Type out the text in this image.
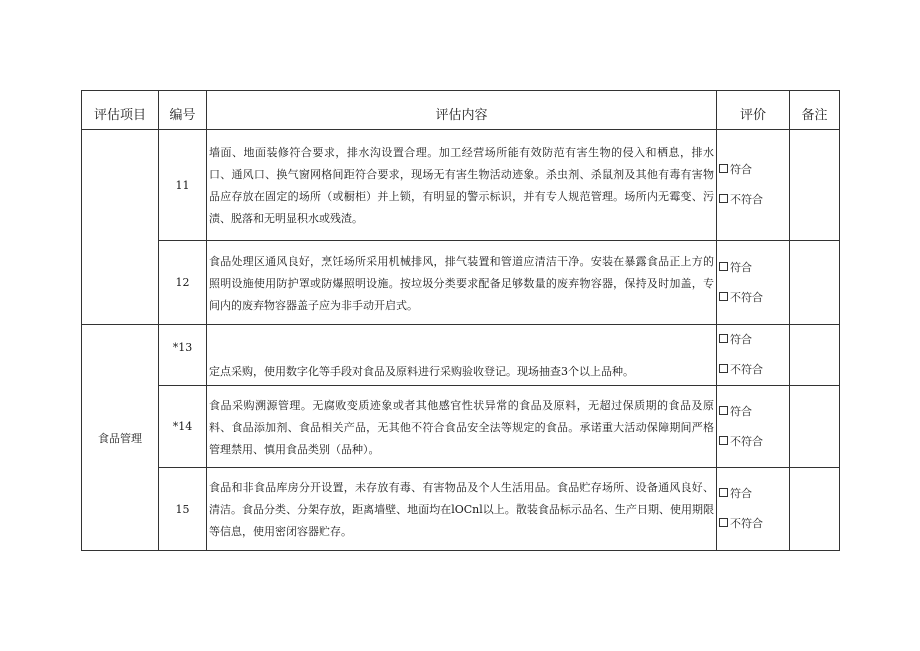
评估项目	编号	评估内容	评价	备注
	11	墙面、地面装修符合要求，排水沟设置合理。加工经营场所能有效防范有害生物的侵入和栖息，排水口、通风口、换气窗网格间距符合要求，现场无有害生物活动迹象。杀虫剂、杀鼠剂及其他有毒有害物品应存放在固定的场所（或橱柜）并上锁，有明显的警示标识，并有专人规范管理。场所内无霉变、污渍、脱落和无明显积水或残渣。	符合
不符合	

	12	食品处理区通风良好，烹饪场所采用机械排风，排气装置和管道应清洁干净。安装在暴露食品正上方的照明设施使用防护罩或防爆照明设施。按垃圾分类要求配备足够数量的废弃物容器，保持及时加盖，专间内的废弃物容器盖子应为非手动开启式。	符合
不符合	

食品管理	*13	定点采购，使用数字化等手段对食品及原料进行采购验收登记。现场抽查3个以上品种。	符合
不符合	

	*14	食品采购溯源管理。无腐败变质迹象或者其他感官性状异常的食品及原料，无超过保质期的食品及原料、食品添加剂、食品相关产品，无其他不符合食品安全法等规定的食品。承诺重大活动保障期间严格管理禁用、慎用食品类别（品种）。	符合
不符合	

	15	食品和非食品库房分开设置，未存放有毒、有害物品及个人生活用品。食品贮存场所、设备通风良好、清洁。食品分类、分架存放，距离墙壁、地面均在lOCnl以上。散装食品标示品名、生产日期、使用期限等信息，使用密闭容器贮存。	符合
不符合	
